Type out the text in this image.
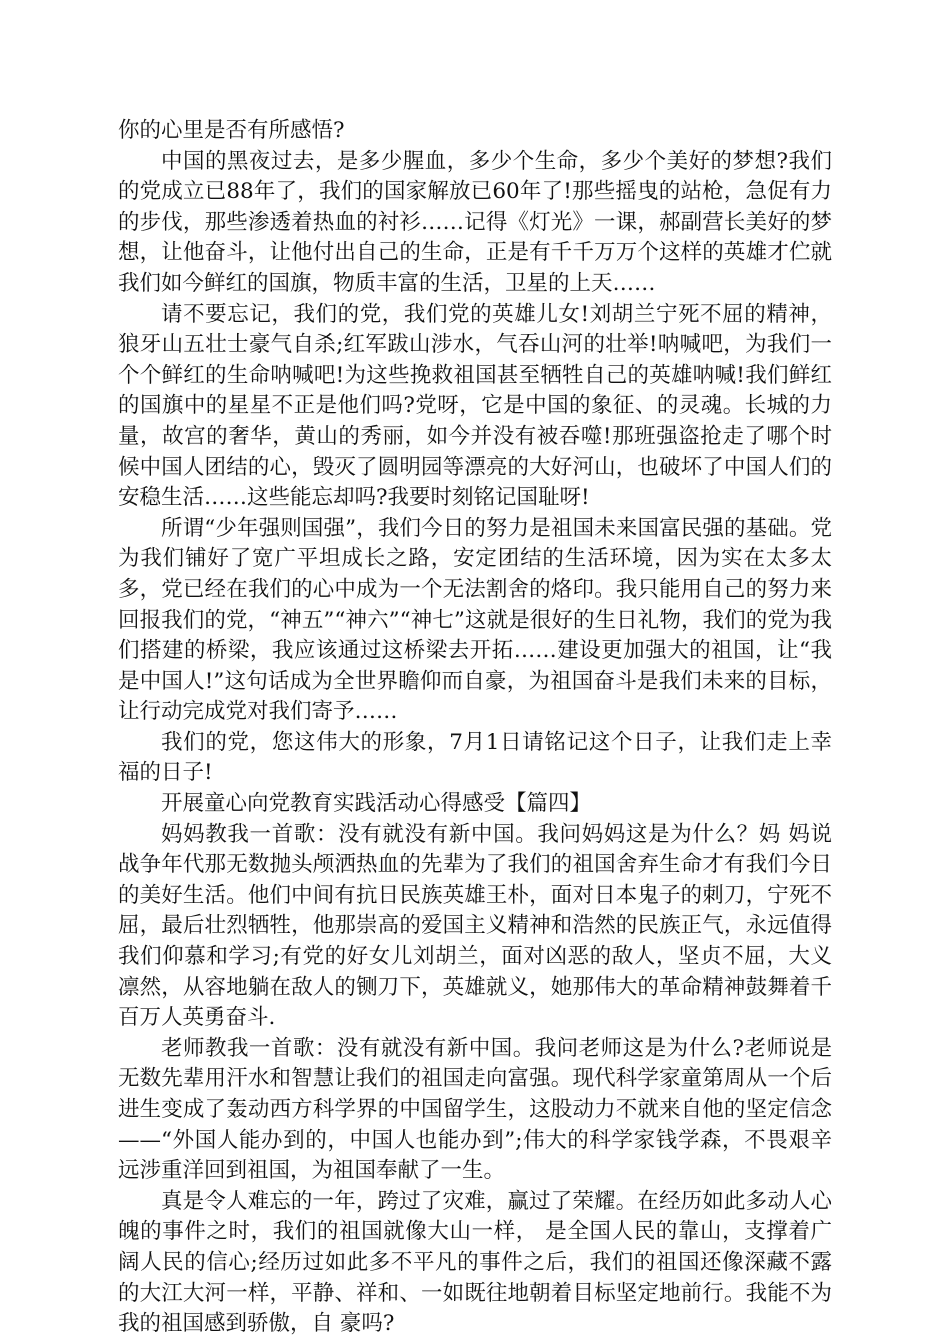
你的心里是否有所感悟?

中国的黑夜过去，是多少腥血，多少个生命，多少个美好的梦想?我们的党成立已88年了，我们的国家解放已60年了!那些摇曳的站枪，急促有力的步伐，那些渗透着热血的衬衫……记得《灯光》一课，郝副营长美好的梦想，让他奋斗，让他付出自己的生命，正是有千千万万个这样的英雄才伫就我们如今鲜红的国旗，物质丰富的生活，卫星的上天……

请不要忘记，我们的党，我们党的英雄儿女!刘胡兰宁死不屈的精神，狼牙山五壮士豪气自杀;红军跋山涉水，气吞山河的壮举!呐喊吧，为我们一个个鲜红的生命呐喊吧!为这些挽救祖国甚至牺牲自己的英雄呐喊!我们鲜红的国旗中的星星不正是他们吗?党呀，它是中国的象征、的灵魂。长城的力量，故宫的奢华，黄山的秀丽，如今并没有被吞噬!那班强盗抢走了哪个时候中国人团结的心，毁灭了圆明园等漂亮的大好河山，也破坏了中国人们的安稳生活……这些能忘却吗?我要时刻铭记国耻呀!

所谓“少年强则国强”，我们今日的努力是祖国未来国富民强的基础。党为我们铺好了宽广平坦成长之路，安定团结的生活环境，因为实在太多太多，党已经在我们的心中成为一个无法割舍的烙印。我只能用自己的努力来回报我们的党，“神五”“神六”“神七”这就是很好的生日礼物，我们的党为我们搭建的桥梁，我应该通过这桥梁去开拓……建设更加强大的祖国，让“我是中国人!”这句话成为全世界瞻仰而自豪，为祖国奋斗是我们未来的目标，让行动完成党对我们寄予……

我们的党，您这伟大的形象，7月1日请铭记这个日子，让我们走上幸福的日子!

开展童心向党教育实践活动心得感受【篇四】

妈妈教我一首歌：没有就没有新中国。我问妈妈这是为什么？妈 妈说战争年代那无数抛头颅洒热血的先辈为了我们的祖国舍弃生命才有我们今日的美好生活。他们中间有抗日民族英雄王朴，面对日本鬼子的刺刀，宁死不屈，最后壮烈牺牲，他那崇高的爱国主义精神和浩然的民族正气，永远值得我们仰慕和学习;有党的好女儿刘胡兰，面对凶恶的敌人，坚贞不屈，大义凛然，从容地躺在敌人的铡刀下，英雄就义，她那伟大的革命精神鼓舞着千百万人英勇奋斗.

老师教我一首歌：没有就没有新中国。我问老师这是为什么?老师说是无数先辈用汗水和智慧让我们的祖国走向富强。现代科学家童第周从一个后进生变成了轰动西方科学界的中国留学生，这股动力不就来自他的坚定信念——“外国人能办到的，中国人也能办到”;伟大的科学家钱学森，不畏艰辛远涉重洋回到祖国，为祖国奉献了一生。

真是令人难忘的一年，跨过了灾难，赢过了荣耀。在经历如此多动人心魄的事件之时，我们的祖国就像大山一样， 是全国人民的靠山，支撑着广阔人民的信心;经历过如此多不平凡的事件之后，我们的祖国还像深藏不露的大江大河一样，平静、祥和、一如既往地朝着目标坚定地前行。我能不为我的祖国感到骄傲，自 豪吗?
